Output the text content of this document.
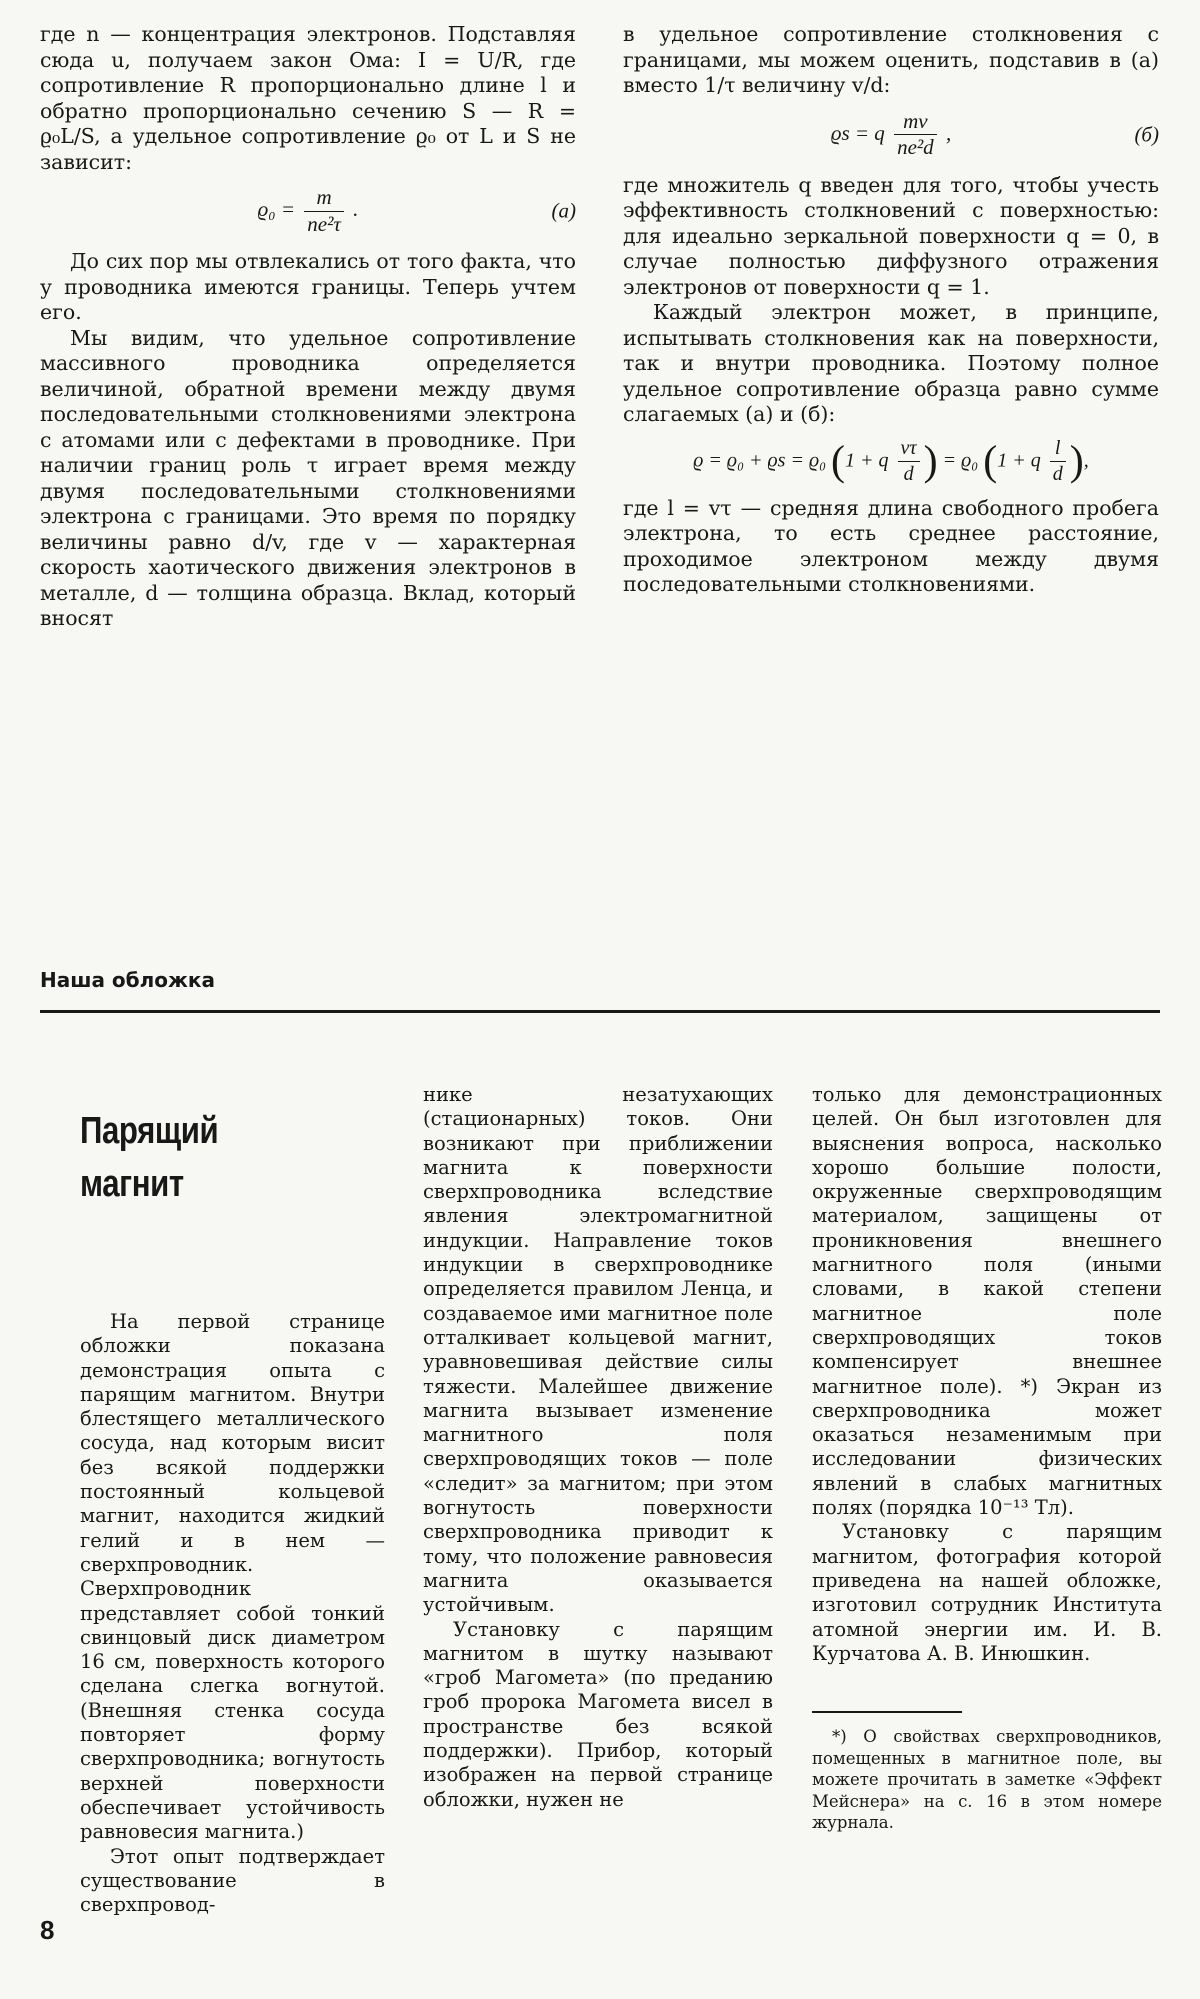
где n — концентрация электронов. Подставляя сюда u, получаем закон Ома: I = U/R, где сопротивление R пропорционально длине l и обратно пропорционально сечению S — R = ϱ₀L/S, а удельное сопротивление ϱ₀ от L и S не зависит:

$ϱ_0 = \frac{m}{\text{ne²τ}}$ .	(a)

До сих пор мы отвлекались от того факта, что у проводника имеются границы. Теперь учтем его.

Мы видим, что удельное сопротивление массивного проводника определяется величиной, обратной времени между двумя последовательными столкновениями электрона с атомами или с дефектами в проводнике. При наличии границ роль τ играет время между двумя последовательными столкновениями электрона с границами. Это время по порядку величины равно d/v, где v — характерная скорость хаотического движения электронов в металле, d — толщина образца. Вклад, который вносят

в удельное сопротивление столкновения с границами, мы можем оценить, подставив в (a) вместо 1/τ величину v/d:

ϱs = q $\frac{mv}{\text{ne²d}}$ ,	(б)

где множитель q введен для того, чтобы учесть эффективность столкновений с поверхностью: для идеально зеркальной поверхности q = 0, в случае полностью диффузного отражения электронов от поверхности q = 1.

Каждый электрон может, в принципе, испытывать столкновения как на поверхности, так и внутри проводника. Поэтому полное удельное сопротивление образца равно сумме слагаемых (a) и (б):

ϱ = ϱ₀ + ϱs = ϱ₀ (1 + q $\frac{v\tau}{d}$ ) = ϱ₀ (1 + q $\frac{l}{d}$ ),

где l = vτ — средняя длина свободного пробега электрона, то есть среднее расстояние, проходимое электроном между двумя последовательными столкновениями.

Наша обложка
Парящий магнит

На первой странице обложки показана демонстрация опыта с парящим магнитом. Внутри блестящего металлического сосуда, над которым висит без всякой поддержки постоянный кольцевой магнит, находится жидкий гелий и в нем — сверхпроводник. Сверхпроводник представляет собой тонкий свинцовый диск диаметром 16 см, поверхность которого сделана слегка вогнутой. (Внешняя стенка сосуда повторяет форму сверхпроводника; вогнутость верхней поверхности обеспечивает устойчивость равновесия магнита.)

Этот опыт подтверждает существование в сверхпровод-

нике незатухающих (стационарных) токов. Они возникают при приближении магнита к поверхности сверхпроводника вследствие явления электромагнитной индукции. Направление токов индукции в сверхпроводнике определяется правилом Ленца, и создаваемое ими магнитное поле отталкивает кольцевой магнит, уравновешивая действие силы тяжести. Малейшее движение магнита вызывает изменение магнитного поля сверхпроводящих токов — поле «следит» за магнитом; при этом вогнутость поверхности сверхпроводника приводит к тому, что положение равновесия магнита оказывается устойчивым.

Установку с парящим магнитом в шутку называют «гроб Магомета» (по преданию гроб пророка Магомета висел в пространстве без всякой поддержки). Прибор, который изображен на первой странице обложки, нужен не

только для демонстрационных целей. Он был изготовлен для выяснения вопроса, насколько хорошо большие полости, окруженные сверхпроводящим материалом, защищены от проникновения внешнего магнитного поля (иными словами, в какой степени магнитное поле сверхпроводящих токов компенсирует внешнее магнитное поле). *) Экран из сверхпроводника может оказаться незаменимым при исследовании физических явлений в слабых магнитных полях (порядка 10⁻¹³ Тл).

Установку с парящим магнитом, фотография которой приведена на нашей обложке, изготовил сотрудник Института атомной энергии им. И. В. Курчатова А. В. Инюшкин.

*) О свойствах сверхпроводников, помещенных в магнитное поле, вы можете прочитать в заметке «Эффект Мейснера» на с. 16 в этом номере журнала.
8
